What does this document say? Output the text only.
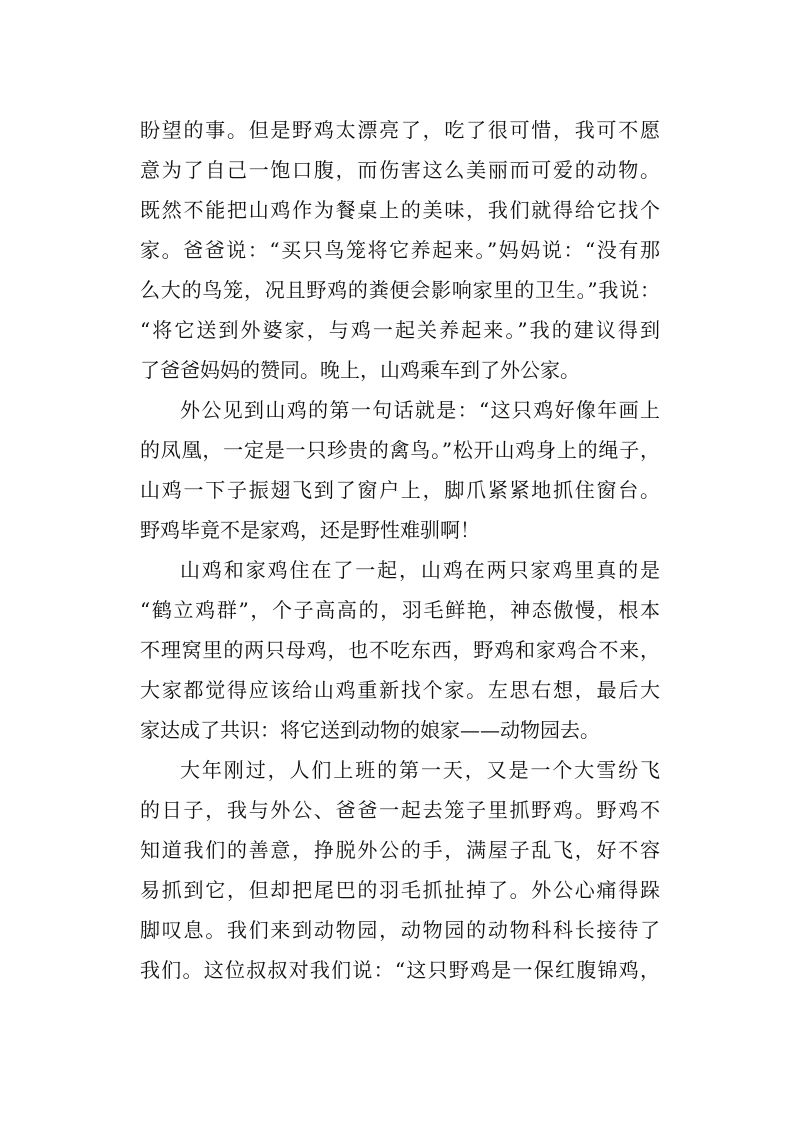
盼望的事。但是野鸡太漂亮了，吃了很可惜，我可不愿
意为了自己一饱口腹，而伤害这么美丽而可爱的动物。
既然不能把山鸡作为餐桌上的美味，我们就得给它找个
家。爸爸说：“买只鸟笼将它养起来。”妈妈说：“没有那
么大的鸟笼，况且野鸡的粪便会影响家里的卫生。”我说：
“将它送到外婆家，与鸡一起关养起来。”我的建议得到
了爸爸妈妈的赞同。晚上，山鸡乘车到了外公家。
外公见到山鸡的第一句话就是：“这只鸡好像年画上
的凤凰，一定是一只珍贵的禽鸟。”松开山鸡身上的绳子，
山鸡一下子振翅飞到了窗户上，脚爪紧紧地抓住窗台。
野鸡毕竟不是家鸡，还是野性难驯啊！
山鸡和家鸡住在了一起，山鸡在两只家鸡里真的是
“鹤立鸡群”，个子高高的，羽毛鲜艳，神态傲慢，根本
不理窝里的两只母鸡，也不吃东西，野鸡和家鸡合不来，
大家都觉得应该给山鸡重新找个家。左思右想，最后大
家达成了共识：将它送到动物的娘家——动物园去。
大年刚过，人们上班的第一天，又是一个大雪纷飞
的日子，我与外公、爸爸一起去笼子里抓野鸡。野鸡不
知道我们的善意，挣脱外公的手，满屋子乱飞，好不容
易抓到它，但却把尾巴的羽毛抓扯掉了。外公心痛得跺
脚叹息。我们来到动物园，动物园的动物科科长接待了
我们。这位叔叔对我们说：“这只野鸡是一保红腹锦鸡，
